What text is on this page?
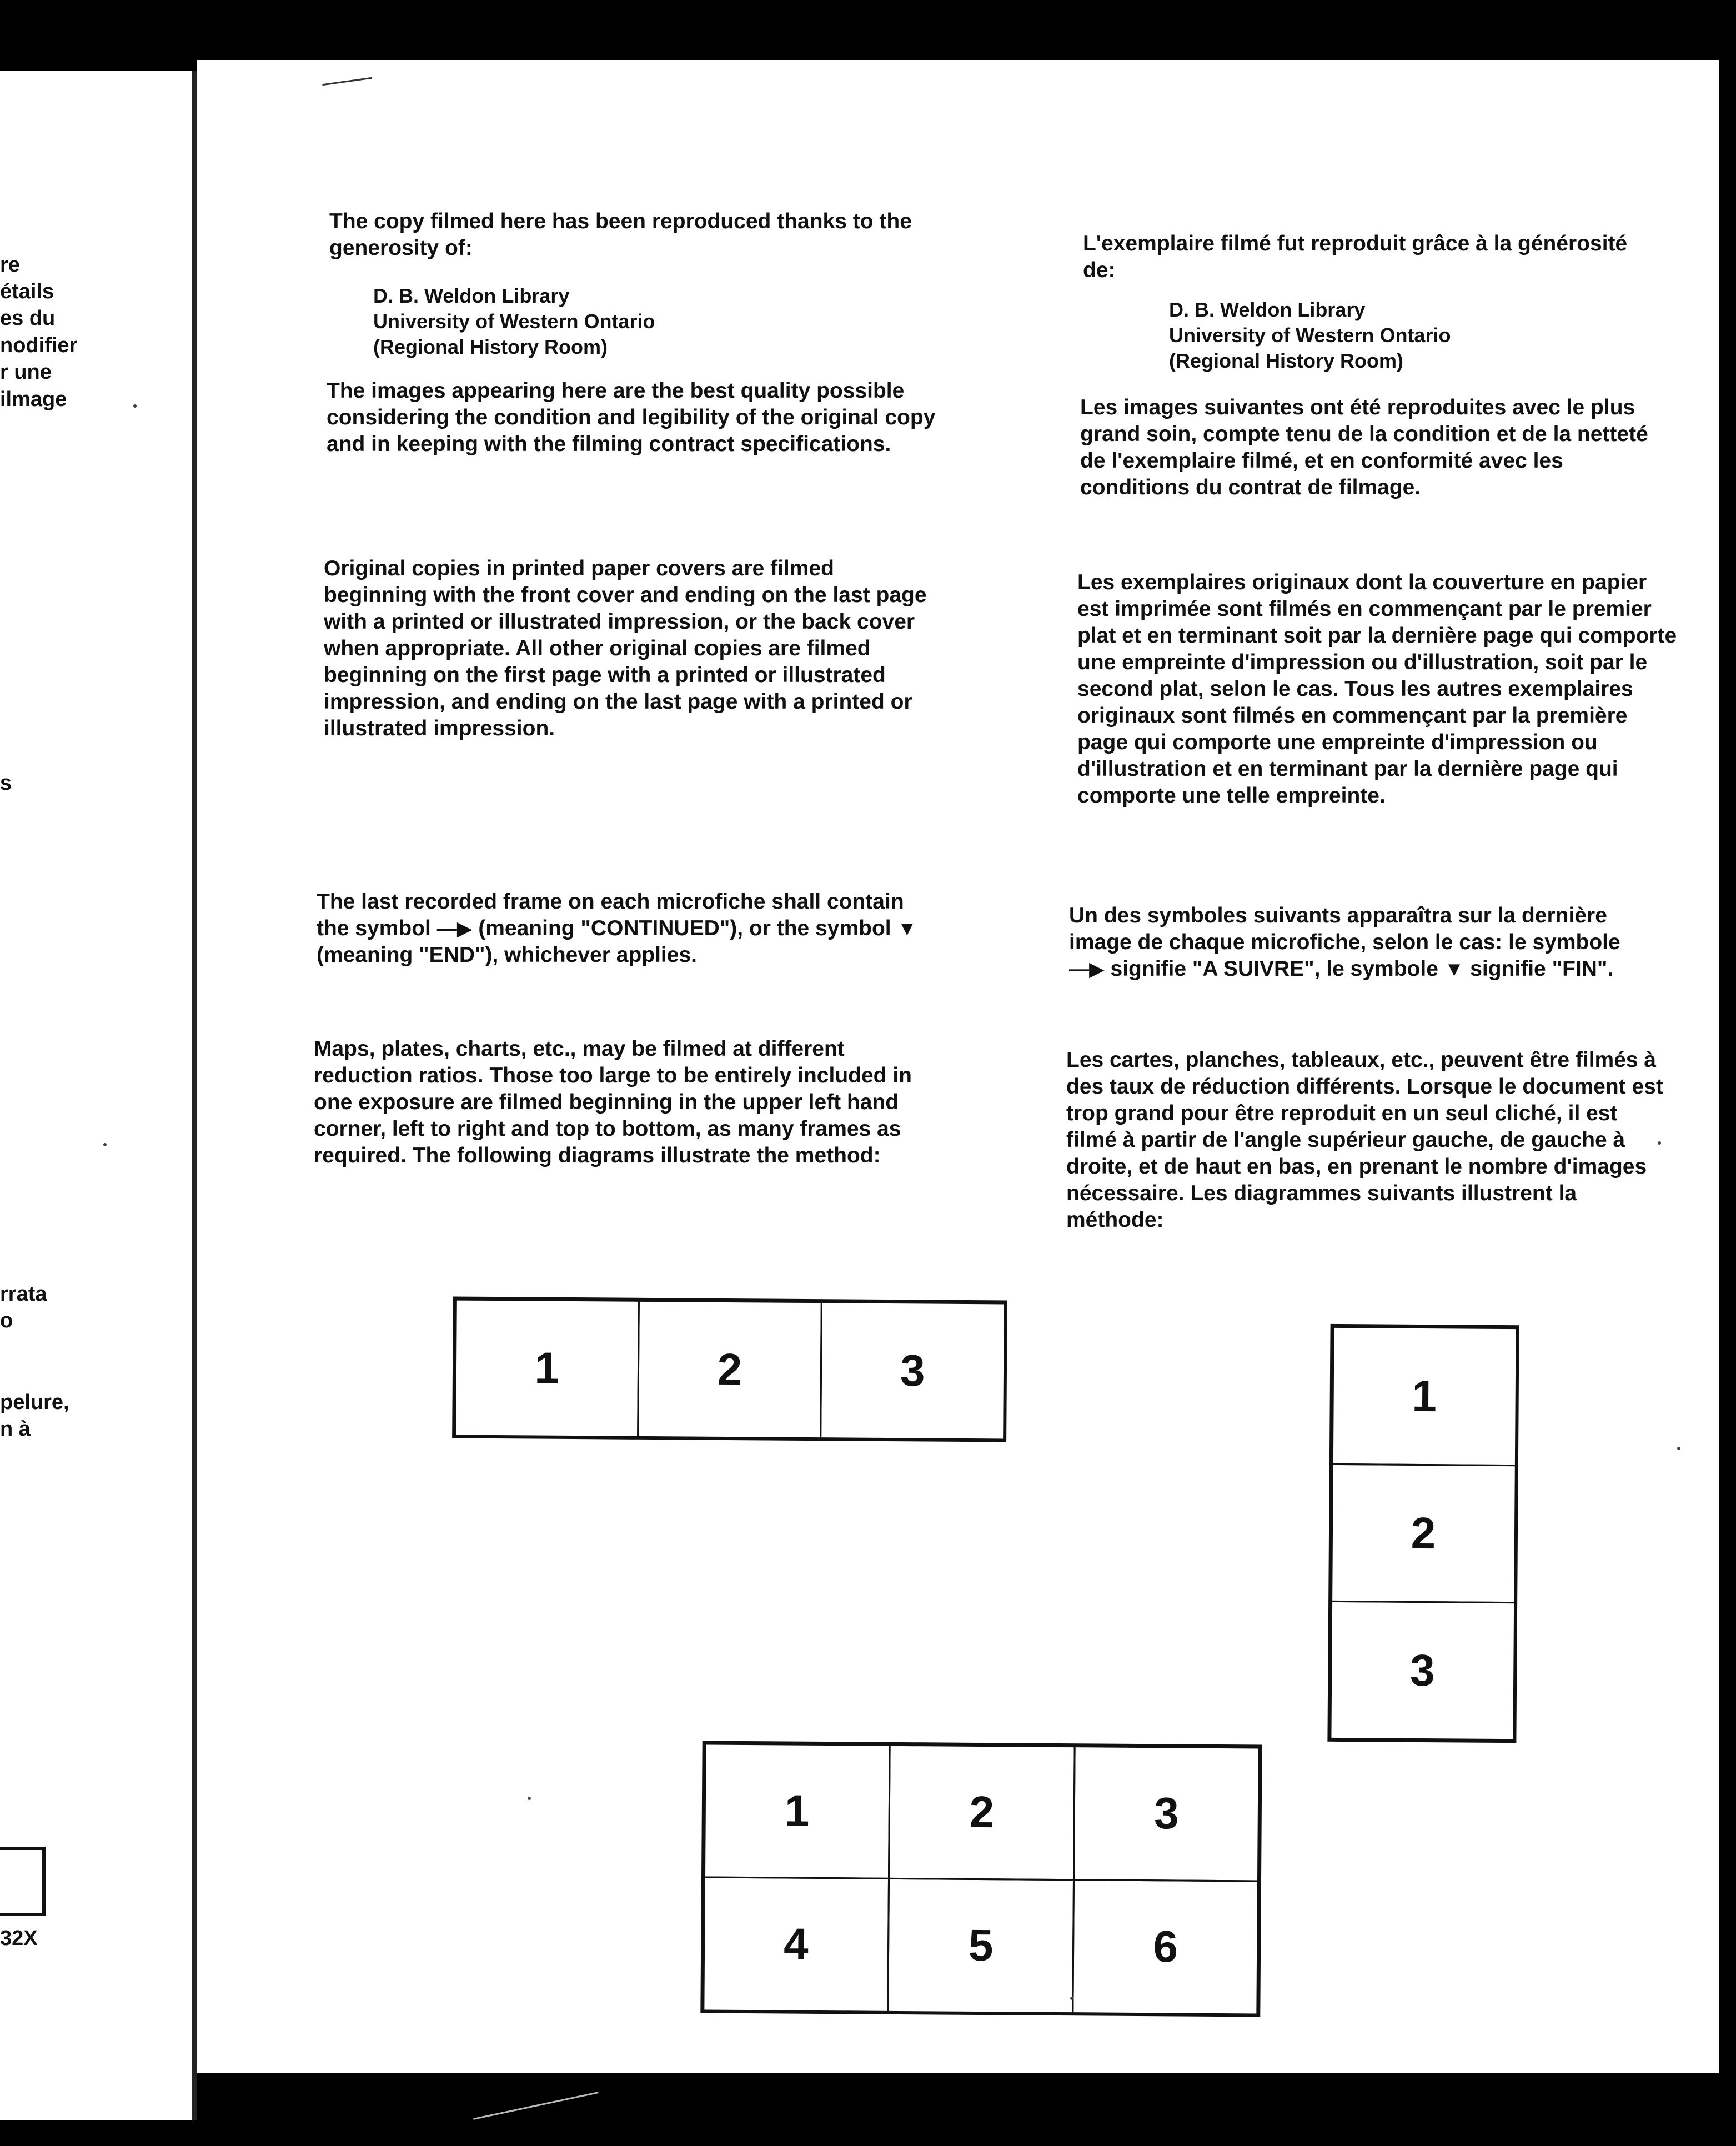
re
étails
es du
nodifier
r une
ilmage
s
rrata
o
pelure,
n à
32X

The copy filmed here has been reproduced thanks to the generosity of:

D. B. Weldon Library
University of Western Ontario
(Regional History Room)

The images appearing here are the best quality possible considering the condition and legibility of the original copy and in keeping with the filming contract specifications.

Original copies in printed paper covers are filmed beginning with the front cover and ending on the last page with a printed or illustrated impression, or the back cover when appropriate. All other original copies are filmed beginning on the first page with a printed or illustrated impression, and ending on the last page with a printed or illustrated impression.

The last recorded frame on each microfiche shall contain the symbol —▶ (meaning "CONTINUED"), or the symbol ▼ (meaning "END"), whichever applies.

Maps, plates, charts, etc., may be filmed at different reduction ratios. Those too large to be entirely included in one exposure are filmed beginning in the upper left hand corner, left to right and top to bottom, as many frames as required. The following diagrams illustrate the method:

L'exemplaire filmé fut reproduit grâce à la générosité de:

D. B. Weldon Library
University of Western Ontario
(Regional History Room)

Les images suivantes ont été reproduites avec le plus grand soin, compte tenu de la condition et de la netteté de l'exemplaire filmé, et en conformité avec les conditions du contrat de filmage.

Les exemplaires originaux dont la couverture en papier est imprimée sont filmés en commençant par le premier plat et en terminant soit par la dernière page qui comporte une empreinte d'impression ou d'illustration, soit par le second plat, selon le cas. Tous les autres exemplaires originaux sont filmés en commençant par la première page qui comporte une empreinte d'impression ou d'illustration et en terminant par la dernière page qui comporte une telle empreinte.

Un des symboles suivants apparaîtra sur la dernière image de chaque microfiche, selon le cas: le symbole —▶ signifie "A SUIVRE", le symbole ▼ signifie "FIN".

Les cartes, planches, tableaux, etc., peuvent être filmés à des taux de réduction différents. Lorsque le document est trop grand pour être reproduit en un seul cliché, il est filmé à partir de l'angle supérieur gauche, de gauche à droite, et de haut en bas, en prenant le nombre d'images nécessaire. Les diagrammes suivants illustrent la méthode:

1	2	3
1
2
3
1	2	3
4	5	6
